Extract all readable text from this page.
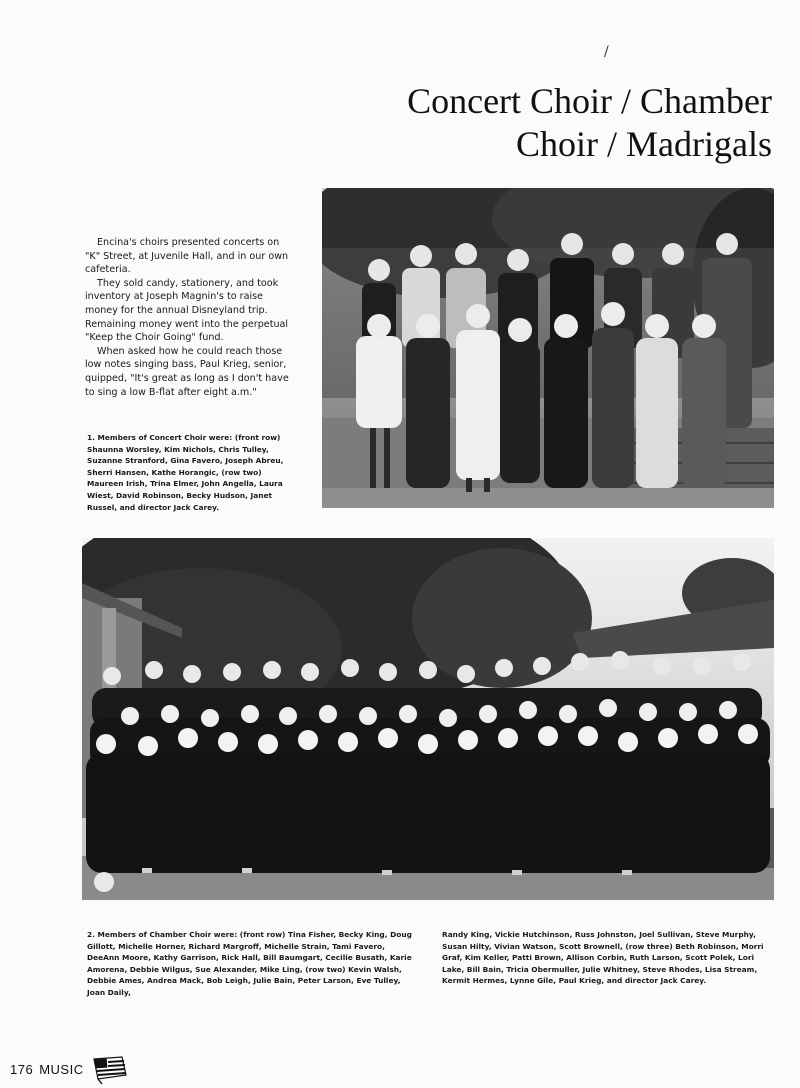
/
Concert Choir / Chamber
Choir / Madrigals

Encina's choirs presented concerts on "K" Street, at Juvenile Hall, and in our own cafeteria.

They sold candy, stationery, and took inventory at Joseph Magnin's to raise money for the annual Disneyland trip. Remaining money went into the perpetual "Keep the Choir Going" fund.

When asked how he could reach those low notes singing bass, Paul Krieg, senior, quipped, "It's great as long as I don't have to sing a low B-flat after eight a.m."

1. Members of Concert Choir were: (front row) Shaunna Worsley, Kim Nichols, Chris Tulley, Suzanne Stranford, Gina Favero, Joseph Abreu, Sherri Hansen, Kathe Horangic, (row two) Maureen Irish, Trina Elmer, John Angella, Laura Wiest, David Robinson, Becky Hudson, Janet Russel, and director Jack Carey.
2. Members of Chamber Choir were: (front row) Tina Fisher, Becky King, Doug Gillott, Michelle Horner, Richard Margroff, Michelle Strain, Tami Favero, DeeAnn Moore, Kathy Garrison, Rick Hall, Bill Baumgart, Cecilie Busath, Karie Amorena, Debbie Wilgus, Sue Alexander, Mike Ling, (row two) Kevin Walsh, Debbie Ames, Andrea Mack, Bob Leigh, Julie Bain, Peter Larson, Eve Tulley, Joan Daily,
Randy King, Vickie Hutchinson, Russ Johnston, Joel Sullivan, Steve Murphy, Susan Hilty, Vivian Watson, Scott Brownell, (row three) Beth Robinson, Morri Graf, Kim Keller, Patti Brown, Allison Corbin, Ruth Larson, Scott Polek, Lori Lake, Bill Bain, Tricia Obermuller, Julie Whitney, Steve Rhodes, Lisa Stream, Kermit Hermes, Lynne Gile, Paul Krieg, and director Jack Carey.
176 MUSIC
